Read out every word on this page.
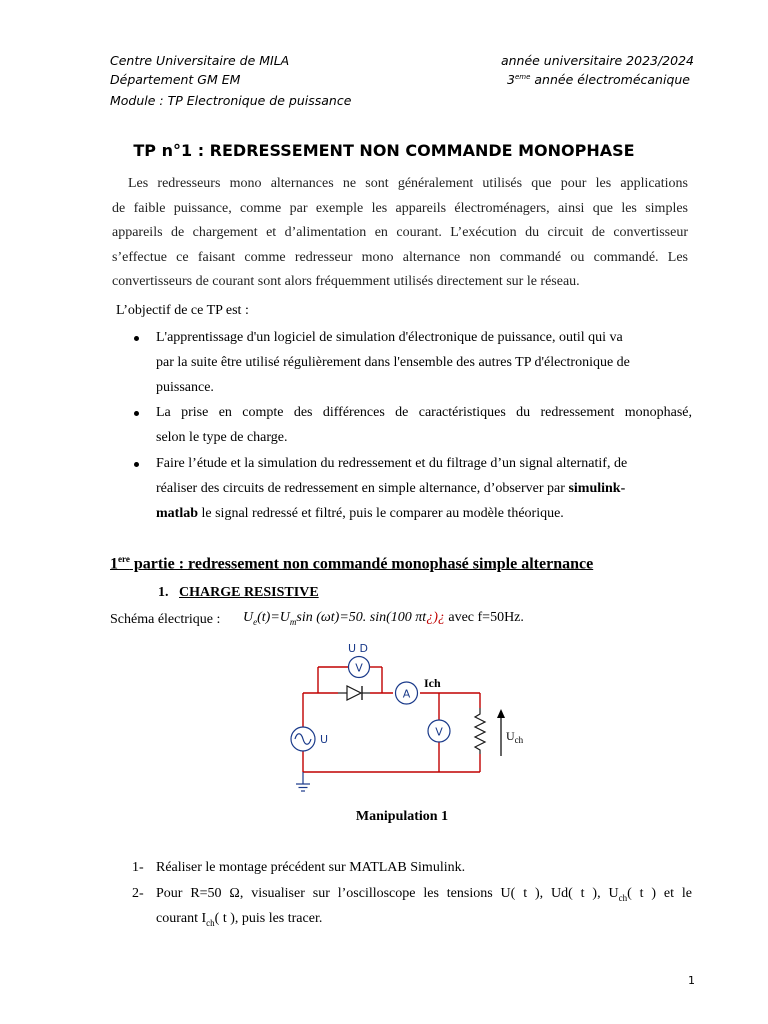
Centre Universitaire de MILA
Département GM EM
Module : TP Electronique de puissance
année universitaire 2023/2024
3eme année électromécanique
TP n°1 : REDRESSEMENT NON COMMANDE MONOPHASE
Les redresseurs mono alternances ne sont généralement utilisés que pour les applications
de faible puissance, comme par exemple les appareils électroménagers, ainsi que les simples
appareils de chargement et d’alimentation en courant. L’exécution du circuit de convertisseur
s’effectue ce faisant comme redresseur mono alternance non commandé ou commandé. Les
convertisseurs de courant sont alors fréquemment utilisés directement sur le réseau.
L’objectif de ce TP est :
L'apprentissage d'un logiciel de simulation d'électronique de puissance, outil qui va
par la suite être utilisé régulièrement dans l'ensemble des autres TP d'électronique de
puissance.
La prise en compte des différences de caractéristiques du redressement monophasé,
selon le type de charge.
Faire l’étude et la simulation du redressement et du filtrage d’un signal alternatif, de
réaliser des circuits de redressement en simple alternance, d’observer par simulink-
matlab le signal redressé et filtré, puis le comparer au modèle théorique.
1ere partie : redressement non commandé monophasé simple alternance
1. CHARGE RESISTIVE
Schéma électrique : $U_e(t)=U_m\sin$ (ωt)=50. sin(100 πt¿)¿ avec f=50Hz.
V
U D
A
Ich
U
V	$U_{ch}$
Manipulation 1
1- Réaliser le montage précédent sur MATLAB Simulink.
2- Pour R=50 Ω, visualiser sur l’oscilloscope les tensions U( t ), Ud( t ), $U_{ch}$( t ) et le
courant $I_{ch}$( t ), puis les tracer.
1
